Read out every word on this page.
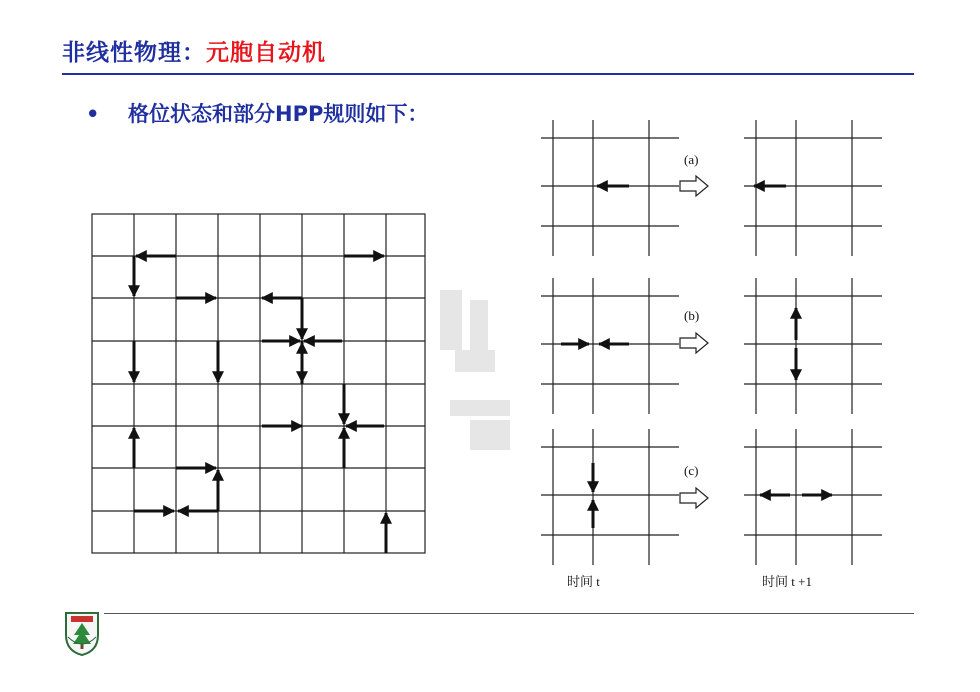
非线性物理：元胞自动机
• 格位状态和部分HPP规则如下：
(a)
(b)
(c)
时间 t	时间 t +1
